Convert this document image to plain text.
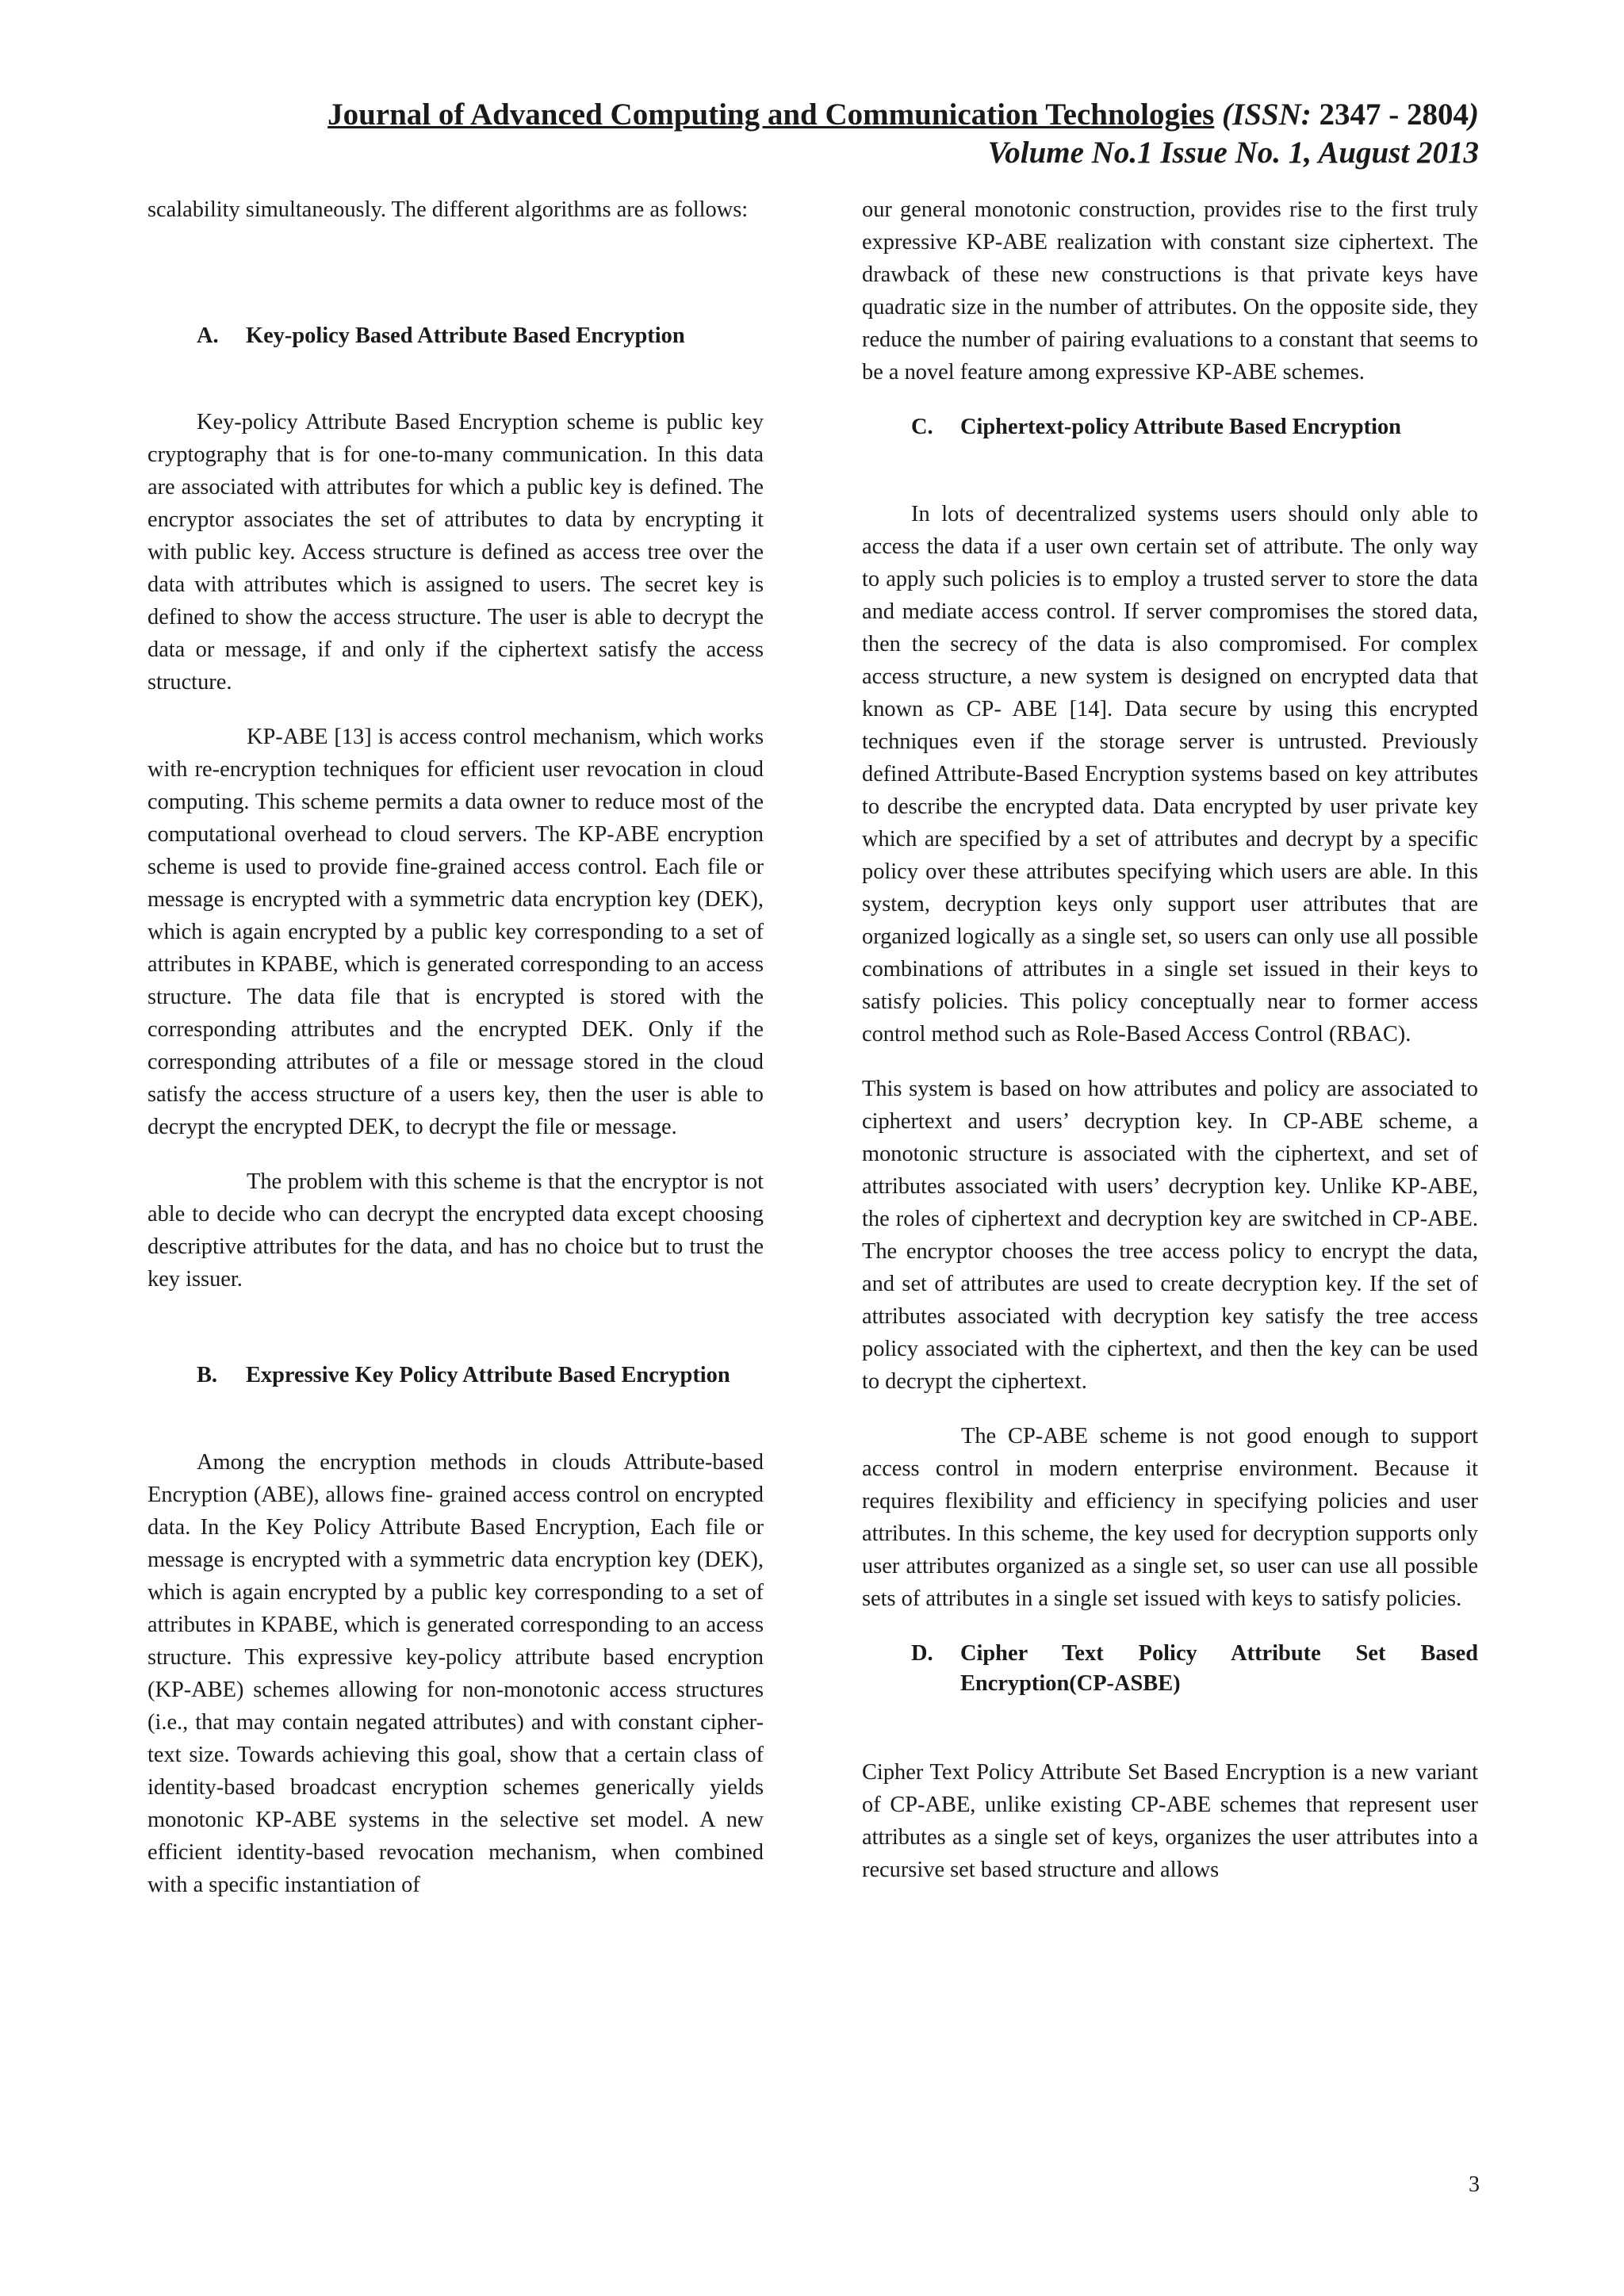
Journal of Advanced Computing and Communication Technologies (ISSN: 2347 - 2804)
Volume No.1 Issue No. 1, August 2013

scalability simultaneously. The different algorithms are as follows:

A.	Key-policy Based Attribute Based Encryption

Key-policy Attribute Based Encryption scheme is public key cryptography that is for one-to-many communication. In this data are associated with attributes for which a public key is defined. The encryptor associates the set of attributes to data by encrypting it with public key. Access structure is defined as access tree over the data with attributes which is assigned to users. The secret key is defined to show the access structure. The user is able to decrypt the data or message, if and only if the ciphertext satisfy the access structure.

KP-ABE [13] is access control mechanism, which works with re-encryption techniques for efficient user revocation in cloud computing. This scheme permits a data owner to reduce most of the computational overhead to cloud servers. The KP-ABE encryption scheme is used to provide fine-grained access control. Each file or message is encrypted with a symmetric data encryption key (DEK), which is again encrypted by a public key corresponding to a set of attributes in KPABE, which is generated corresponding to an access structure. The data file that is encrypted is stored with the corresponding attributes and the encrypted DEK. Only if the corresponding attributes of a file or message stored in the cloud satisfy the access structure of a users key, then the user is able to decrypt the encrypted DEK, to decrypt the file or message.

The problem with this scheme is that the encryptor is not able to decide who can decrypt the encrypted data except choosing descriptive attributes for the data, and has no choice but to trust the key issuer.

B.	Expressive Key Policy Attribute Based Encryption

Among the encryption methods in clouds Attribute-based Encryption (ABE), allows fine- grained access control on encrypted data. In the Key Policy Attribute Based Encryption, Each file or message is encrypted with a symmetric data encryption key (DEK), which is again encrypted by a public key corresponding to a set of attributes in KPABE, which is generated corresponding to an access structure. This expressive key-policy attribute based encryption (KP-ABE) schemes allowing for non-monotonic access structures (i.e., that may contain negated attributes) and with constant cipher-text size. Towards achieving this goal, show that a certain class of identity-based broadcast encryption schemes generically yields monotonic KP-ABE systems in the selective set model. A new efficient identity-based revocation mechanism, when combined with a specific instantiation of

our general monotonic construction, provides rise to the first truly expressive KP-ABE realization with constant size ciphertext. The drawback of these new constructions is that private keys have quadratic size in the number of attributes. On the opposite side, they reduce the number of pairing evaluations to a constant that seems to be a novel feature among expressive KP-ABE schemes.

C.	Ciphertext-policy Attribute Based Encryption

In lots of decentralized systems users should only able to access the data if a user own certain set of attribute. The only way to apply such policies is to employ a trusted server to store the data and mediate access control. If server compromises the stored data, then the secrecy of the data is also compromised. For complex access structure, a new system is designed on encrypted data that known as CP- ABE [14]. Data secure by using this encrypted techniques even if the storage server is untrusted. Previously defined Attribute-Based Encryption systems based on key attributes to describe the encrypted data. Data encrypted by user private key which are specified by a set of attributes and decrypt by a specific policy over these attributes specifying which users are able. In this system, decryption keys only support user attributes that are organized logically as a single set, so users can only use all possible combinations of attributes in a single set issued in their keys to satisfy policies. This policy conceptually near to former access control method such as Role-Based Access Control (RBAC).

This system is based on how attributes and policy are associated to ciphertext and users’ decryption key. In CP-ABE scheme, a monotonic structure is associated with the ciphertext, and set of attributes associated with users’ decryption key. Unlike KP-ABE, the roles of ciphertext and decryption key are switched in CP-ABE. The encryptor chooses the tree access policy to encrypt the data, and set of attributes are used to create decryption key. If the set of attributes associated with decryption key satisfy the tree access policy associated with the ciphertext, and then the key can be used to decrypt the ciphertext.

The CP-ABE scheme is not good enough to support access control in modern enterprise environment. Because it requires flexibility and efficiency in specifying policies and user attributes. In this scheme, the key used for decryption supports only user attributes organized as a single set, so user can use all possible sets of attributes in a single set issued with keys to satisfy policies.

D.	Cipher Text Policy Attribute Set Based Encryption(CP-ASBE)

Cipher Text Policy Attribute Set Based Encryption is a new variant of CP-ABE, unlike existing CP-ABE schemes that represent user attributes as a single set of keys, organizes the user attributes into a recursive set based structure and allows

3
